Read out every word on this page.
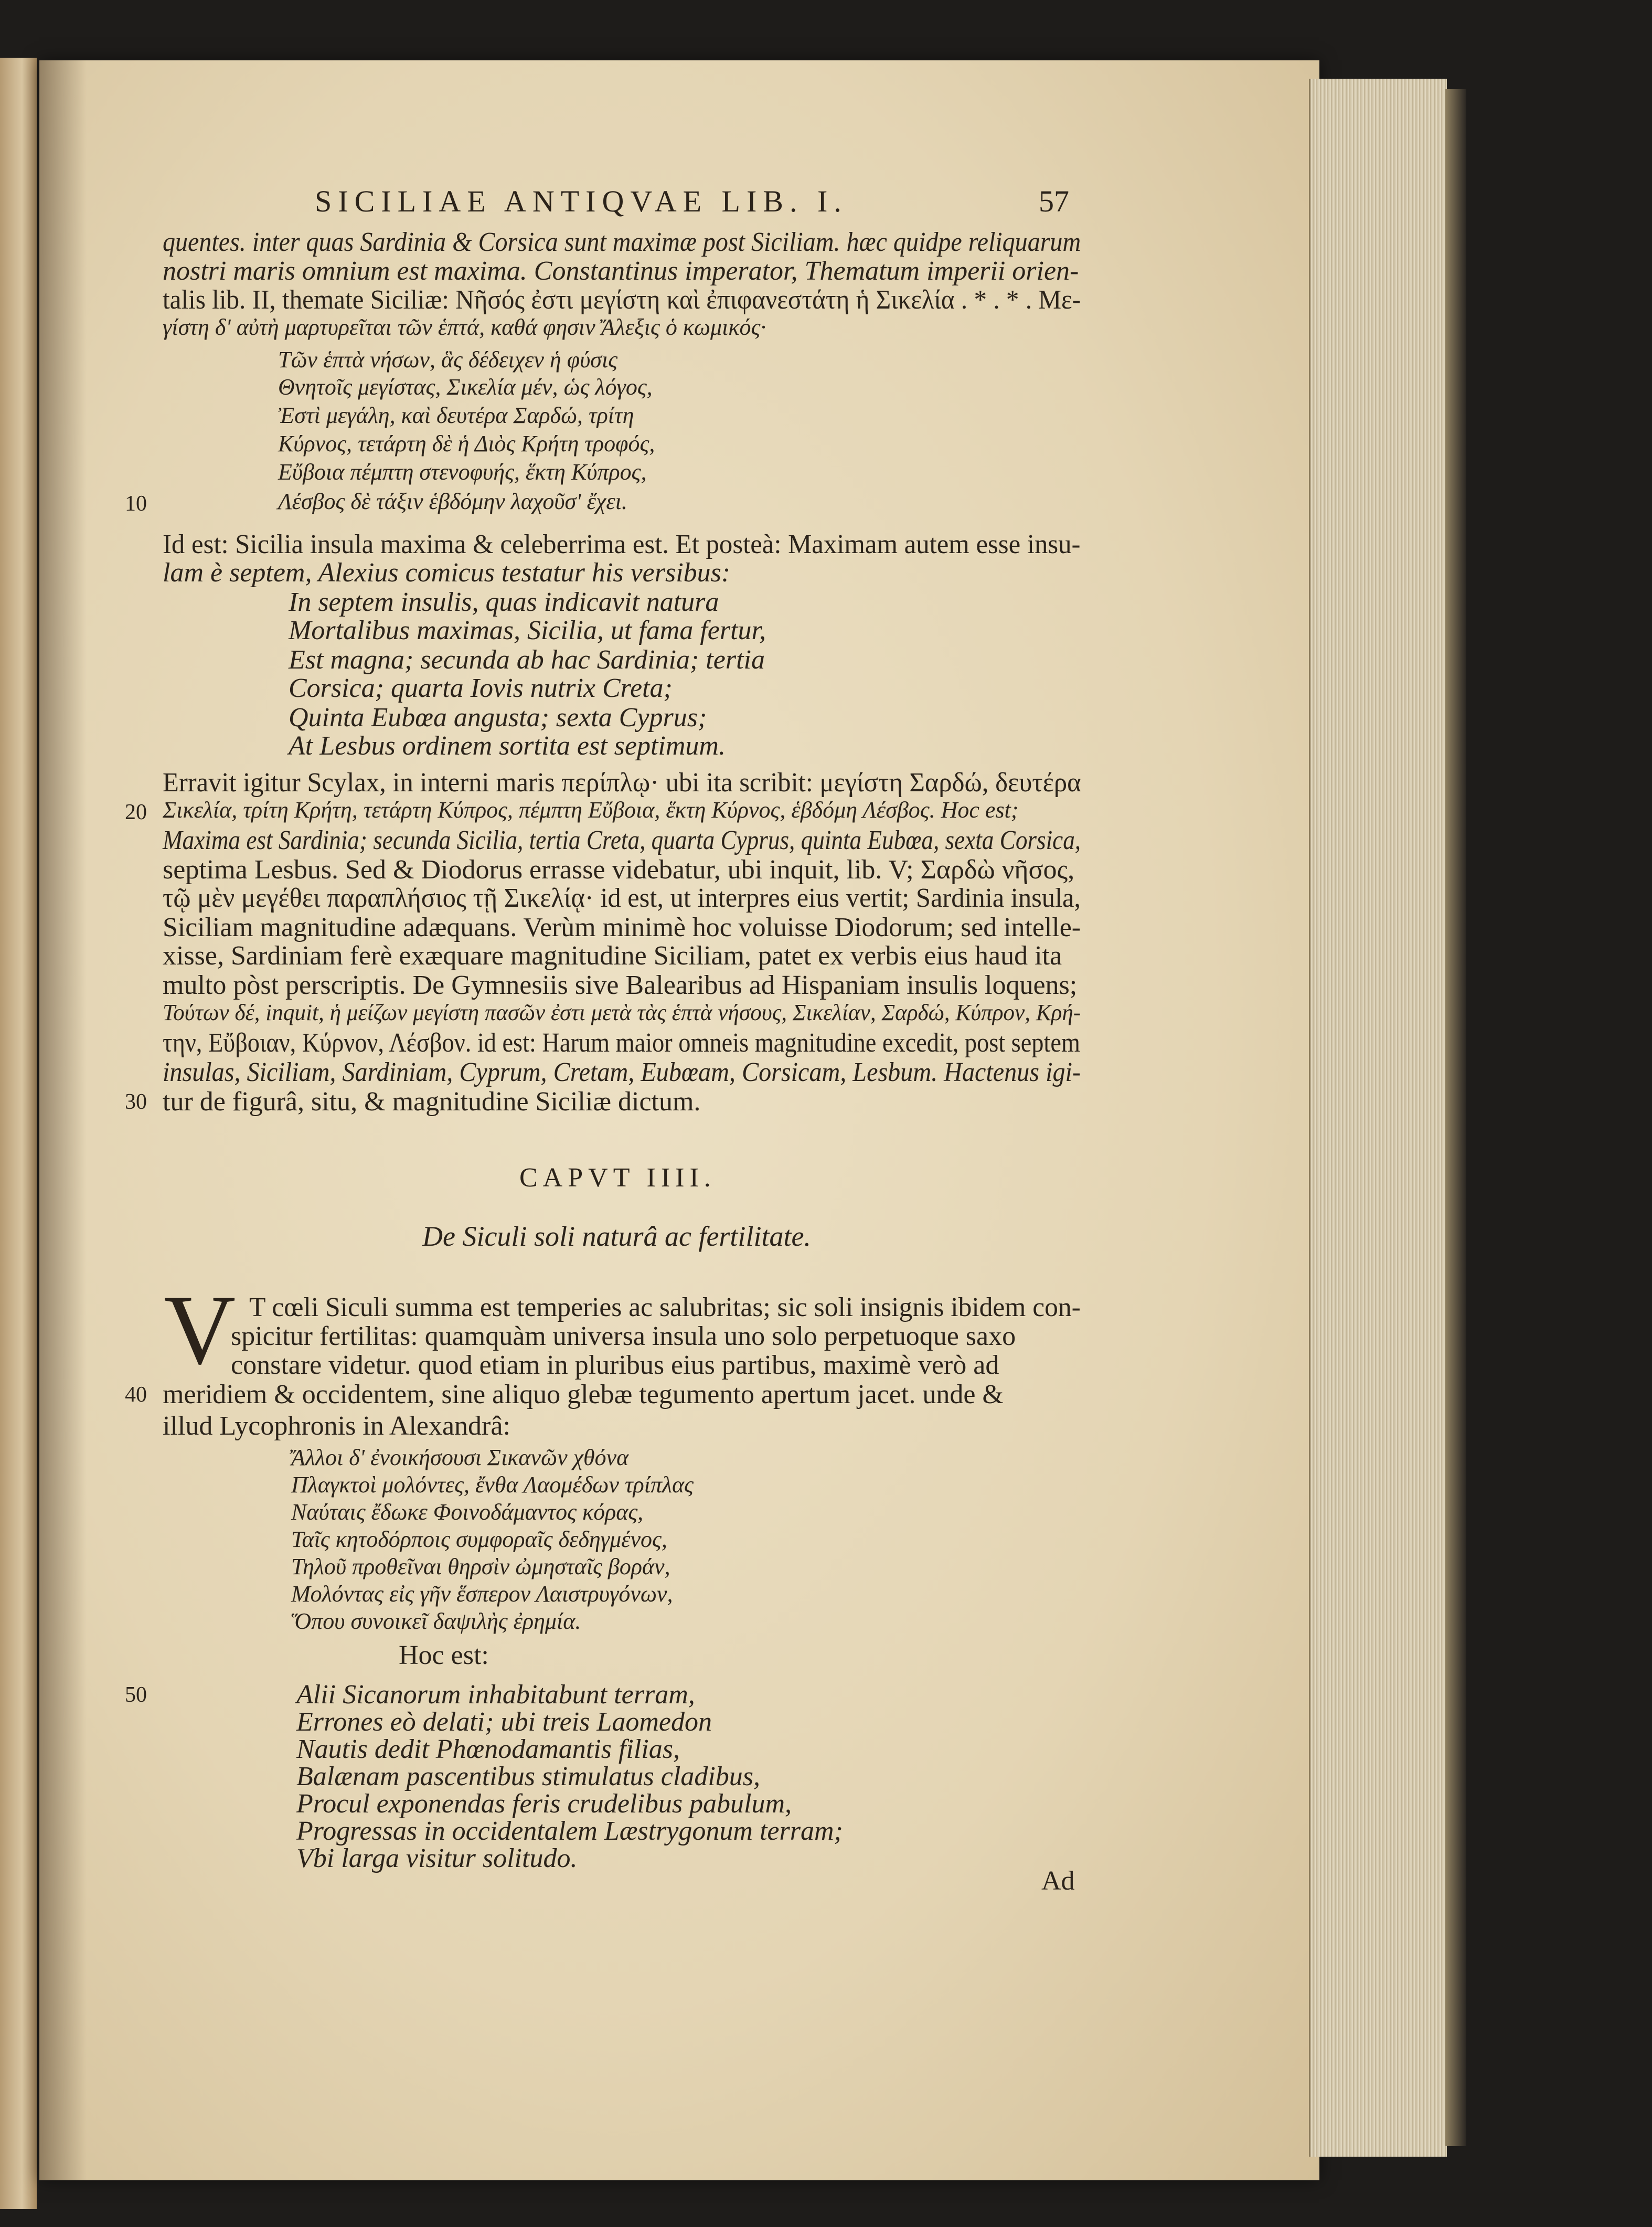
SICILIAE ANTIQVAE LIB. I.	57
quentes. inter quas Sardinia & Corsica sunt maximæ post Siciliam. hæc quidpe reliquarum
nostri maris omnium est maxima. Constantinus imperator, Thematum imperii orien-
talis lib. II, themate Siciliæ: Νῆσός ἐστι μεγίστη καὶ ἐπιφανεστάτη ἡ Σικελία . * . * . Με-
γίστη δ' αὐτὴ μαρτυρεῖται τῶν ἑπτά, καθά φησιν Ἄλεξις ὁ κωμικός·
Τῶν ἑπτὰ νήσων, ἃς δέδειχεν ἡ φύσις
Θνητοῖς μεγίστας, Σικελία μέν, ὡς λόγος,
Ἐστὶ μεγάλη, καὶ δευτέρα Σαρδώ, τρίτη
Κύρνος, τετάρτη δὲ ἡ Διὸς Κρήτη τροφός,
Εὔβοια πέμπτη στενοφυής, ἕκτη Κύπρος,
Λέσβος δὲ τάξιν ἑβδόμην λαχοῦσ' ἔχει.
10
Id est: Sicilia insula maxima & celeberrima est. Et posteà: Maximam autem esse insu-
lam è septem, Alexius comicus testatur his versibus:
In septem insulis, quas indicavit natura
Mortalibus maximas, Sicilia, ut fama fertur,
Est magna; secunda ab hac Sardinia; tertia
Corsica; quarta Iovis nutrix Creta;
Quinta Eubœa angusta; sexta Cyprus;
At Lesbus ordinem sortita est septimum.
Erravit igitur Scylax, in interni maris περίπλῳ· ubi ita scribit: μεγίστη Σαρδώ, δευτέρα
Σικελία, τρίτη Κρήτη, τετάρτη Κύπρος, πέμπτη Εὔβοια, ἕκτη Κύρνος, ἑβδόμη Λέσβος. Hoc est;
20
Maxima est Sardinia; secunda Sicilia, tertia Creta, quarta Cyprus, quinta Eubœa, sexta Corsica,
septima Lesbus. Sed & Diodorus errasse videbatur, ubi inquit, lib. V; Σαρδὼ νῆσος,
τῷ μὲν μεγέθει παραπλήσιος τῇ Σικελίᾳ· id est, ut interpres eius vertit; Sardinia insula,
Siciliam magnitudine adæquans. Verùm minimè hoc voluisse Diodorum; sed intelle-
xisse, Sardiniam ferè exæquare magnitudine Siciliam, patet ex verbis eius haud ita
multo pòst perscriptis. De Gymnesiis sive Balearibus ad Hispaniam insulis loquens;
Τούτων δέ, inquit, ἡ μείζων μεγίστη πασῶν ἐστι μετὰ τὰς ἑπτὰ νήσους, Σικελίαν, Σαρδώ, Κύπρον, Κρή-
την, Εὔβοιαν, Κύρνον, Λέσβον. id est: Harum maior omneis magnitudine excedit, post septem
insulas, Siciliam, Sardiniam, Cyprum, Cretam, Eubœam, Corsicam, Lesbum. Hactenus igi-
tur de figurâ, situ, & magnitudine Siciliæ dictum.
30
CAPVT IIII.
De Siculi soli naturâ ac fertilitate.
V T cœli Siculi summa est temperies ac salubritas; sic soli insignis ibidem con-
spicitur fertilitas: quamquàm universa insula uno solo perpetuoque saxo
constare videtur. quod etiam in pluribus eius partibus, maximè verò ad
meridiem & occidentem, sine aliquo glebæ tegumento apertum jacet. unde &
40
illud Lycophronis in Alexandrâ:
Ἄλλοι δ' ἐνοικήσουσι Σικανῶν χθόνα
Πλαγκτοὶ μολόντες, ἔνθα Λαομέδων τρίπλας
Ναύταις ἔδωκε Φοινοδάμαντος κόρας,
Ταῖς κητοδόρποις συμφοραῖς δεδηγμένος,
Τηλοῦ προθεῖναι θηρσὶν ὠμησταῖς βοράν,
Μολόντας εἰς γῆν ἕσπερον Λαιστρυγόνων,
Ὅπου συνοικεῖ δαψιλὴς ἐρημία.
Hoc est:
Alii Sicanorum inhabitabunt terram,
50
Errones eò delati; ubi treis Laomedon
Nautis dedit Phœnodamantis filias,
Balænam pascentibus stimulatus cladibus,
Procul exponendas feris crudelibus pabulum,
Progressas in occidentalem Læstrygonum terram;
Vbi larga visitur solitudo.
Ad
